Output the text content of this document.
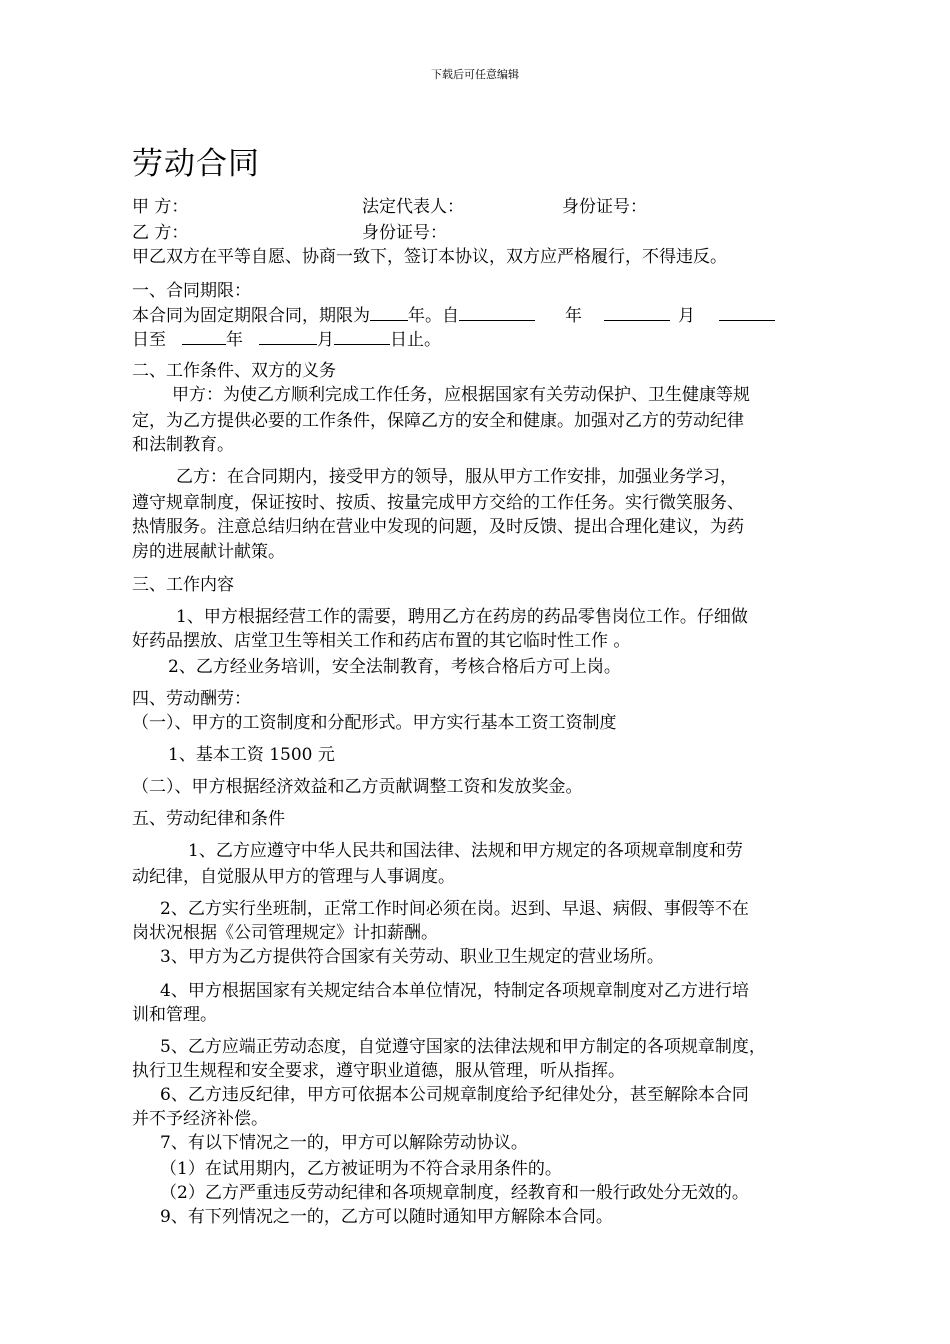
下载后可任意编辑
劳动合同
甲 方：	法定代表人：	身份证号：
乙 方：	身份证号：
甲乙双方在平等自愿、协商一致下，签订本协议，双方应严格履行，不得违反。
一、合同期限：
本合同为固定期限合同，期限为 年。自	年	月
日至	年	月	日止。
二、工作条件、双方的义务
甲方：为使乙方顺利完成工作任务，应根据国家有关劳动保护、卫生健康等规
定，为乙方提供必要的工作条件，保障乙方的安全和健康。加强对乙方的劳动纪律
和法制教育。
乙方：在合同期内，接受甲方的领导，服从甲方工作安排，加强业务学习，
遵守规章制度，保证按时、按质、按量完成甲方交给的工作任务。实行微笑服务、
热情服务。注意总结归纳在营业中发现的问题，及时反馈、提出合理化建议，为药
房的进展献计献策。
三、工作内容
1、甲方根据经营工作的需要，聘用乙方在药房的药品零售岗位工作。仔细做
好药品摆放、店堂卫生等相关工作和药店布置的其它临时性工作 。
2、乙方经业务培训，安全法制教育，考核合格后方可上岗。
四、劳动酬劳：
（一）、甲方的工资制度和分配形式。甲方实行基本工资工资制度
1、基本工资 1500 元
（二）、甲方根据经济效益和乙方贡献调整工资和发放奖金。
五、劳动纪律和条件
1、乙方应遵守中华人民共和国法律、法规和甲方规定的各项规章制度和劳
动纪律，自觉服从甲方的管理与人事调度。
2、乙方实行坐班制，正常工作时间必须在岗。迟到、早退、病假、事假等不在
岗状况根据《公司管理规定》计扣薪酬。
3、甲方为乙方提供符合国家有关劳动、职业卫生规定的营业场所。
4、甲方根据国家有关规定结合本单位情况，特制定各项规章制度对乙方进行培
训和管理。
5、乙方应端正劳动态度，自觉遵守国家的法律法规和甲方制定的各项规章制度，
执行卫生规程和安全要求，遵守职业道德，服从管理，听从指挥。
6、乙方违反纪律，甲方可依据本公司规章制度给予纪律处分，甚至解除本合同
并不予经济补偿。
7、有以下情况之一的，甲方可以解除劳动协议。
（1）在试用期内，乙方被证明为不符合录用条件的。
（2）乙方严重违反劳动纪律和各项规章制度，经教育和一般行政处分无效的。
9、有下列情况之一的，乙方可以随时通知甲方解除本合同。
